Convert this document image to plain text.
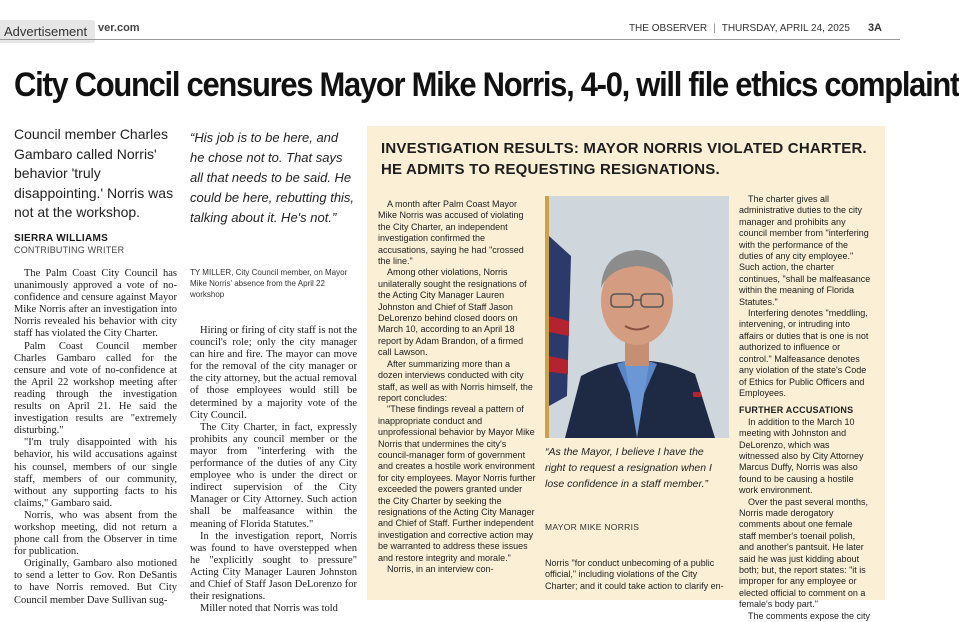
Advertisement ver.com	THE OBSERVER | THURSDAY, APRIL 24, 2025 3A
City Council censures Mayor Mike Norris, 4-0, will file ethics complaint
Council member Charles Gambaro called Norris' behavior 'truly disappointing.' Norris was not at the workshop.
SIERRA WILLIAMS
CONTRIBUTING WRITER

The Palm Coast City Council has unanimously approved a vote of no-confidence and censure against Mayor Mike Norris after an investigation into Norris revealed his behavior with city staff has violated the City Charter.

Palm Coast Council member Charles Gambaro called for the censure and vote of no-confidence at the April 22 workshop meeting after reading through the investigation results on April 21. He said the investigation results are "extremely disturbing."

"I'm truly disappointed with his behavior, his wild accusations against his counsel, members of our single staff, members of our community, without any supporting facts to his claims," Gambaro said.

Norris, who was absent from the workshop meeting, did not return a phone call from the Observer in time for publication.

Originally, Gambaro also motioned to send a letter to Gov. Ron DeSantis to have Norris removed. But City Council member Dave Sullivan sug-

“His job is to be here, and he chose not to. That says all that needs to be said. He could be here, rebutting this, talking about it. He's not.”
TY MILLER, City Council member, on Mayor Mike Norris' absence from the April 22 workshop

Hiring or firing of city staff is not the council's role; only the city manager can hire and fire. The mayor can move for the removal of the city manager or the city attorney, but the actual removal of those employees would still be determined by a majority vote of the City Council.

The City Charter, in fact, expressly prohibits any council member or the mayor from "interfering with the performance of the duties of any City employee who is under the direct or indirect supervision of the City Manager or City Attorney. Such action shall be malfeasance within the meaning of Florida Statutes."

In the investigation report, Norris was found to have overstepped when he "explicitly sought to pressure" Acting City Manager Lauren Johnston and Chief of Staff Jason DeLorenzo for their resignations.

Miller noted that Norris was told

INVESTIGATION RESULTS: MAYOR NORRIS VIOLATED CHARTER. HE ADMITS TO REQUESTING RESIGNATIONS.

A month after Palm Coast Mayor Mike Norris was accused of violating the City Charter, an independent investigation confirmed the accusations, saying he had "crossed the line."

Among other violations, Norris unilaterally sought the resignations of the Acting City Manager Lauren Johnston and Chief of Staff Jason DeLorenzo behind closed doors on March 10, according to an April 18 report by Adam Brandon, of a firmed call Lawson.

After summarizing more than a dozen interviews conducted with city staff, as well as with Norris himself, the report concludes:

"These findings reveal a pattern of inappropriate conduct and unprofessional behavior by Mayor Mike Norris that undermines the city's council-manager form of government and creates a hostile work environment for city employees. Mayor Norris further exceeded the powers granted under the City Charter by seeking the resignations of the Acting City Manager and Chief of Staff. Further independent investigation and corrective action may be warranted to address these issues and restore integrity and morale."

Norris, in an interview con-

“As the Mayor, I believe I have the right to request a resignation when I lose confidence in a staff member.”
MAYOR MIKE NORRIS
Norris "for conduct unbecoming of a public official," including violations of the City Charter; and it could take action to clarify en-

The charter gives all administrative duties to the city manager and prohibits any council member from "interfering with the performance of the duties of any city employee." Such action, the charter continues, "shall be malfeasance within the meaning of Florida Statutes."

Interfering denotes "meddling, intervening, or intruding into affairs or duties that is one is not authorized to influence or control." Malfeasance denotes any violation of the state's Code of Ethics for Public Officers and Employees.

FURTHER ACCUSATIONS

In addition to the March 10 meeting with Johnston and DeLorenzo, which was witnessed also by City Attorney Marcus Duffy, Norris was also found to be causing a hostile work environment.

Over the past several months, Norris made derogatory comments about one female staff member's toenail polish, and another's pantsuit. He later said he was just kidding about both; but, the report states: "it is improper for any employee or elected official to comment on a female's body part."

The comments expose the city
